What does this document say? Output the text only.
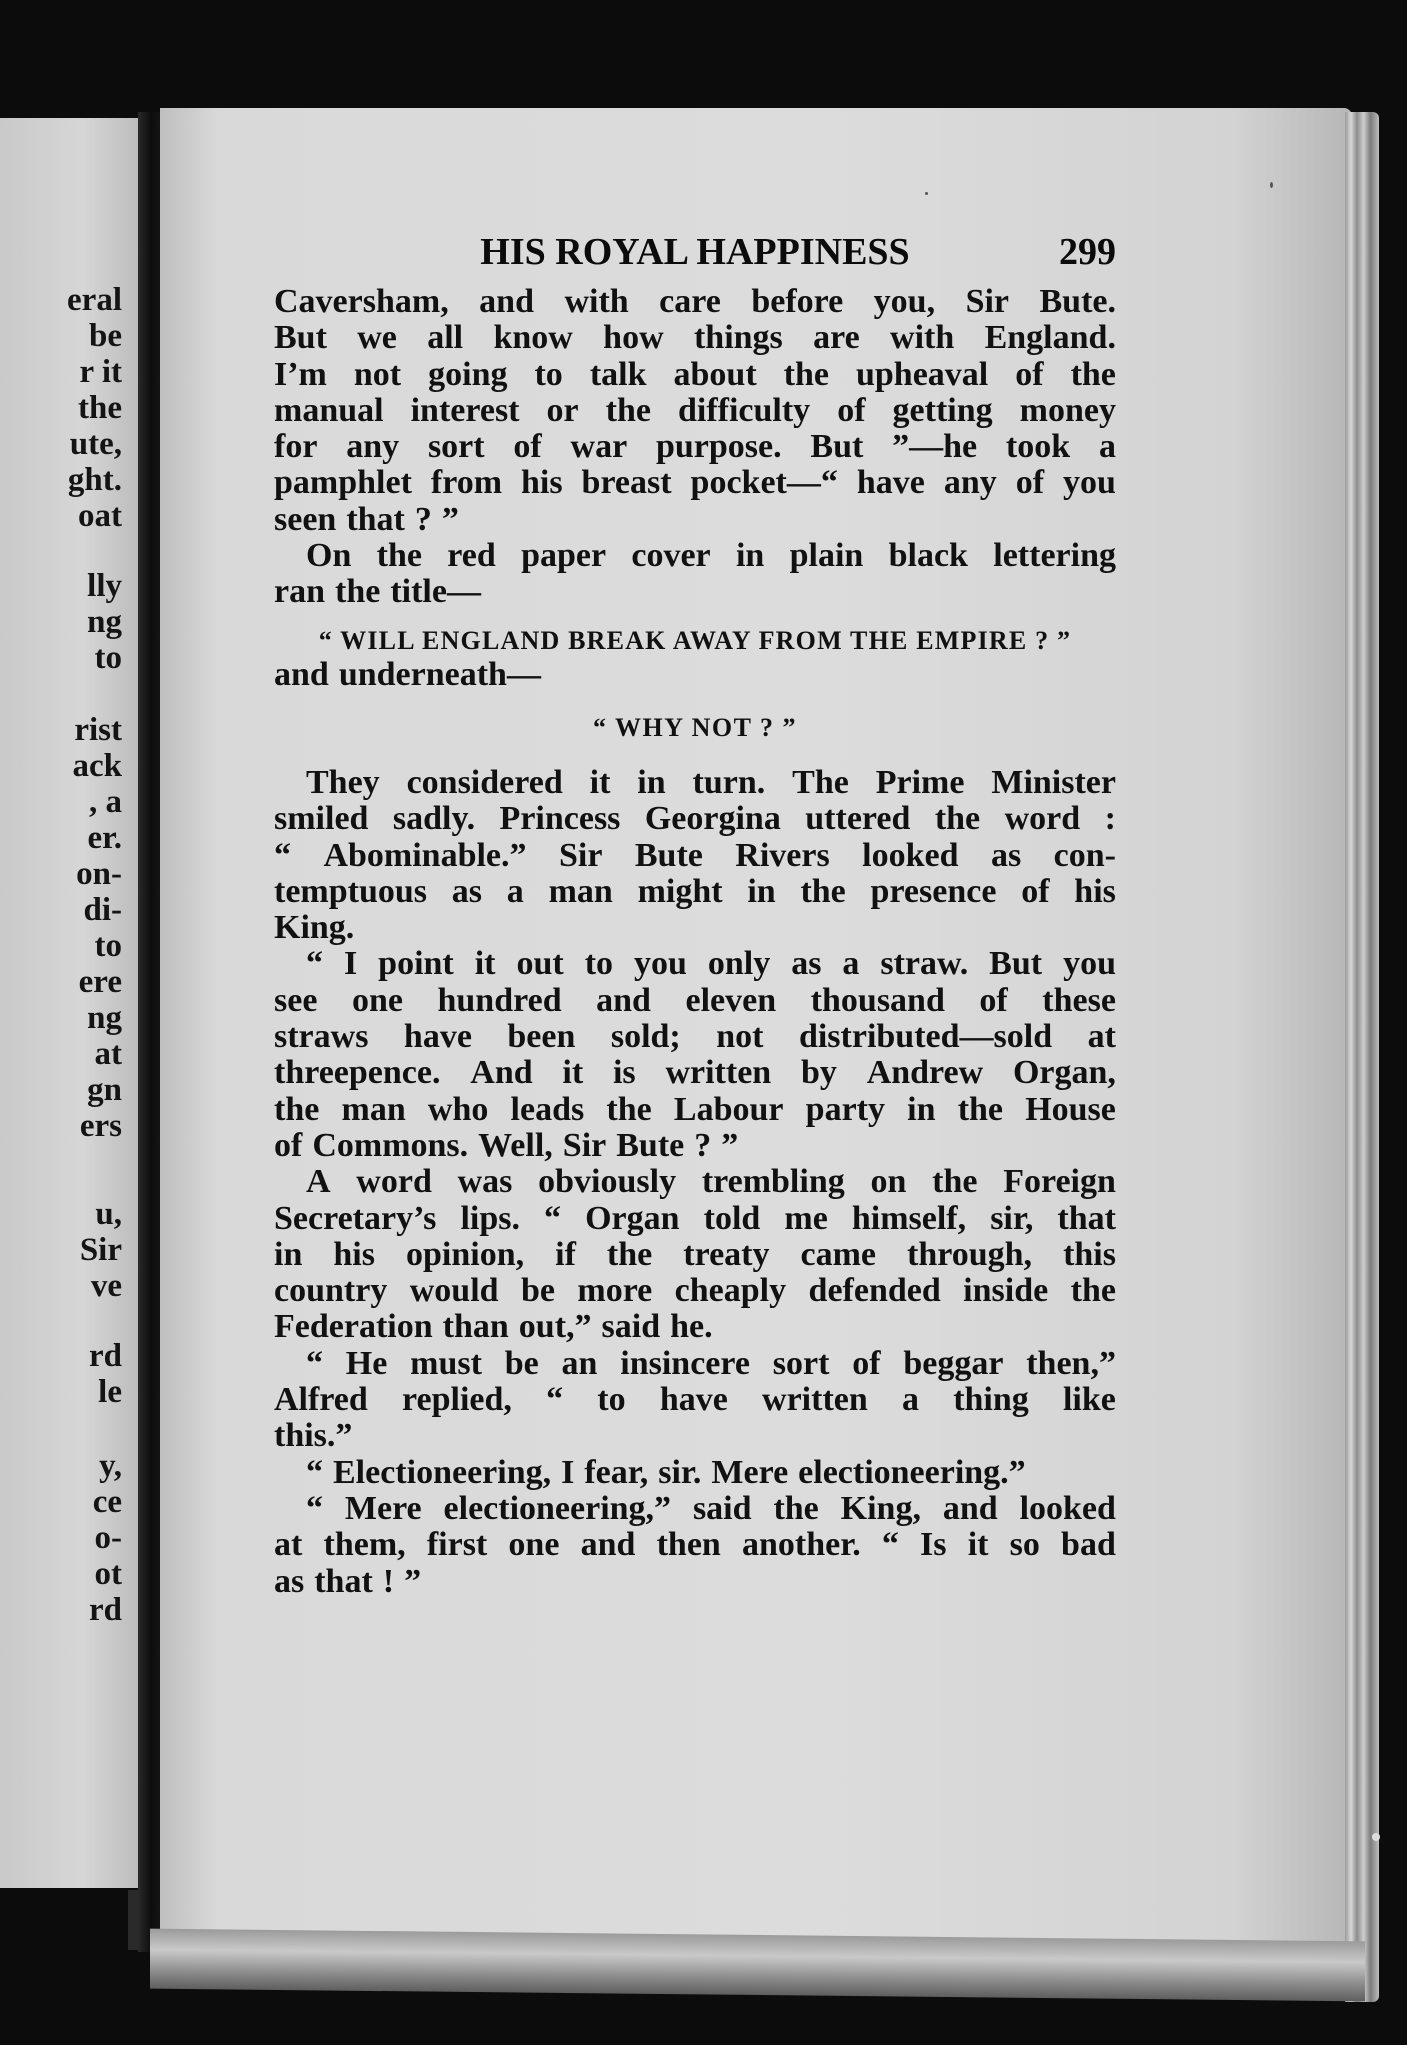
eral

be

r it

the

ute,

ght.

oat

lly

ng

to

rist

ack

, a

er.

on-

di-

to

ere

ng

at

gn

ers

u,

Sir

ve

rd

le

y,

ce

o-

ot

rd

HIS ROYAL HAPPINESS	299

Caversham, and with care before you, Sir Bute.

But we all know how things are with England.

I’m not going to talk about the upheaval of the

manual interest or the difficulty of getting money

for any sort of war purpose. But ”—he took a

pamphlet from his breast pocket—“ have any of you

seen that ? ”

On the red paper cover in plain black lettering

ran the title—

“ WILL ENGLAND BREAK AWAY FROM THE EMPIRE ? ”

and underneath—

“ WHY NOT ? ”

They considered it in turn. The Prime Minister

smiled sadly. Princess Georgina uttered the word :

“ Abominable.” Sir Bute Rivers looked as con-

temptuous as a man might in the presence of his

King.

“ I point it out to you only as a straw. But you

see one hundred and eleven thousand of these

straws have been sold; not distributed—sold at

threepence. And it is written by Andrew Organ,

the man who leads the Labour party in the House

of Commons. Well, Sir Bute ? ”

A word was obviously trembling on the Foreign

Secretary’s lips. “ Organ told me himself, sir, that

in his opinion, if the treaty came through, this

country would be more cheaply defended inside the

Federation than out,” said he.

“ He must be an insincere sort of beggar then,”

Alfred replied, “ to have written a thing like

this.”

“ Electioneering, I fear, sir. Mere electioneering.”

“ Mere electioneering,” said the King, and looked

at them, first one and then another. “ Is it so bad

as that ! ”
